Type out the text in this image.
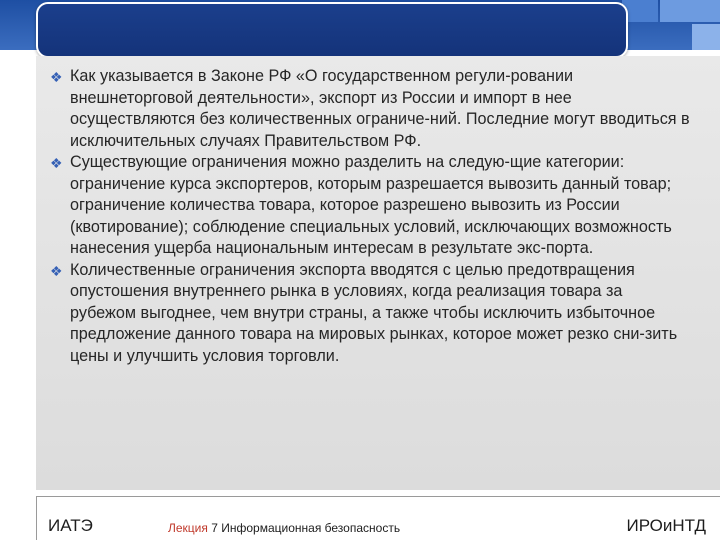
❖ Как указывается в Законе РФ «О государственном регули-ровании внешнеторговой деятельности», экспорт из России и импорт в нее осуществляются без количественных ограниче-ний. Последние могут вводиться в исключительных случаях Правительством РФ.
❖ Существующие ограничения можно разделить на следую-щие категории: ограничение курса экспортеров, которым разрешается вывозить данный товар; ограничение количества товара, которое разрешено вывозить из России (квотирование); соблюдение специальных условий, исключающих возможность нанесения ущерба национальным интересам в результате экс-порта.
❖ Количественные ограничения экспорта вводятся с целью предотвращения опустошения внутреннего рынка в условиях, когда реализация товара за рубежом выгоднее, чем внутри страны, а также чтобы исключить избыточное предложение данного товара на мировых рынках, которое может резко сни-зить цены и улучшить условия торговли.
ИАТЭ	Лекция 7 Информационная безопасность	ИРОиНТД
